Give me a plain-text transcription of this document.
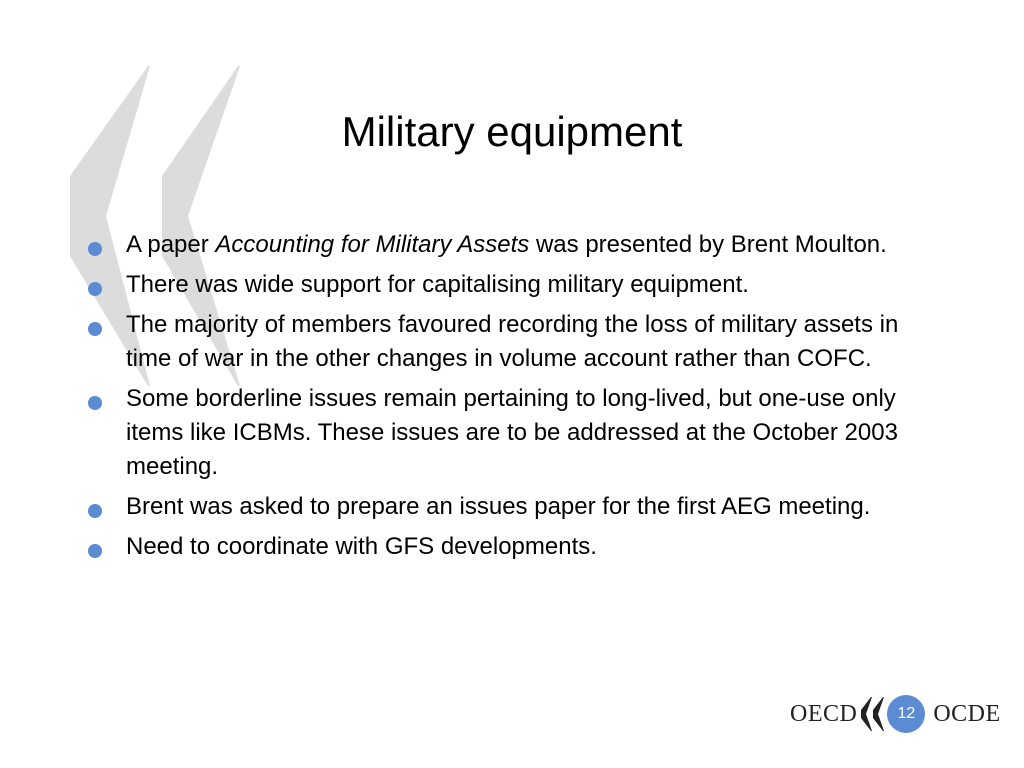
Military equipment
A paper Accounting for Military Assets was presented by Brent Moulton.
There was wide support for capitalising military equipment.
The majority of members favoured recording the loss of military assets in time of war in the other changes in volume account rather than COFC.
Some borderline issues remain pertaining to long-lived, but one-use only items like ICBMs. These issues are to be addressed at the October 2003 meeting.
Brent was asked to prepare an issues paper for the first AEG meeting.
Need to coordinate with GFS developments.
OECD	12 OCDE
